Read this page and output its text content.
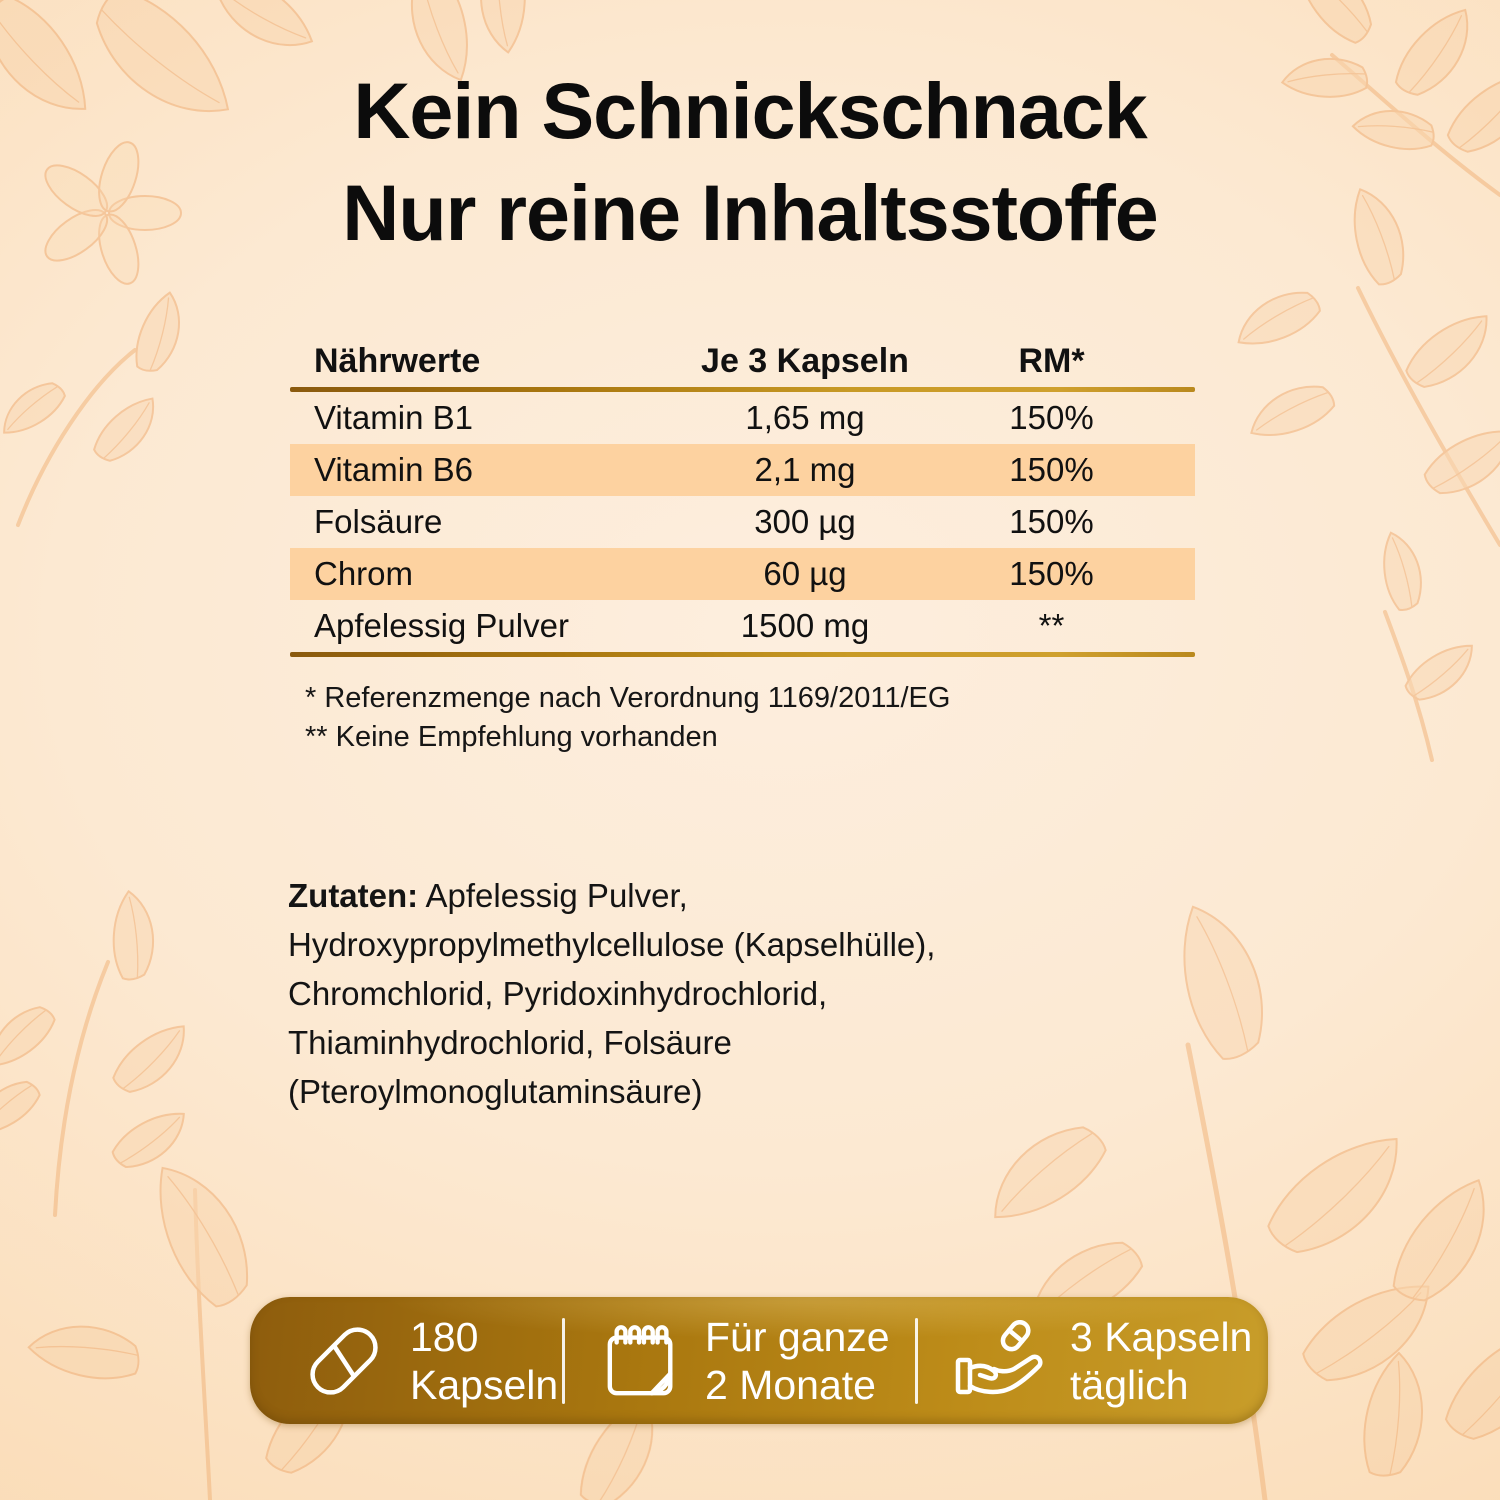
Kein Schnickschnack
Nur reine Inhaltsstoffe
Nährwerte	Je 3 Kapseln	RM*
Vitamin B1	1,65 mg	150%
Vitamin B6	2,1 mg	150%
Folsäure	300 µg	150%
Chrom	60 µg	150%
Apfelessig Pulver	1500 mg	**
* Referenzmenge nach Verordnung 1169/2011/EG
** Keine Empfehlung vorhanden

Zutaten: Apfelessig Pulver, Hydroxypropylmethylcellulose (Kapselhülle), Chromchlorid, Pyridoxinhydrochlorid, Thiaminhydrochlorid, Folsäure (Pteroylmonoglutaminsäure)

180
Kapseln
Für ganze
2 Monate
3 Kapseln
täglich
